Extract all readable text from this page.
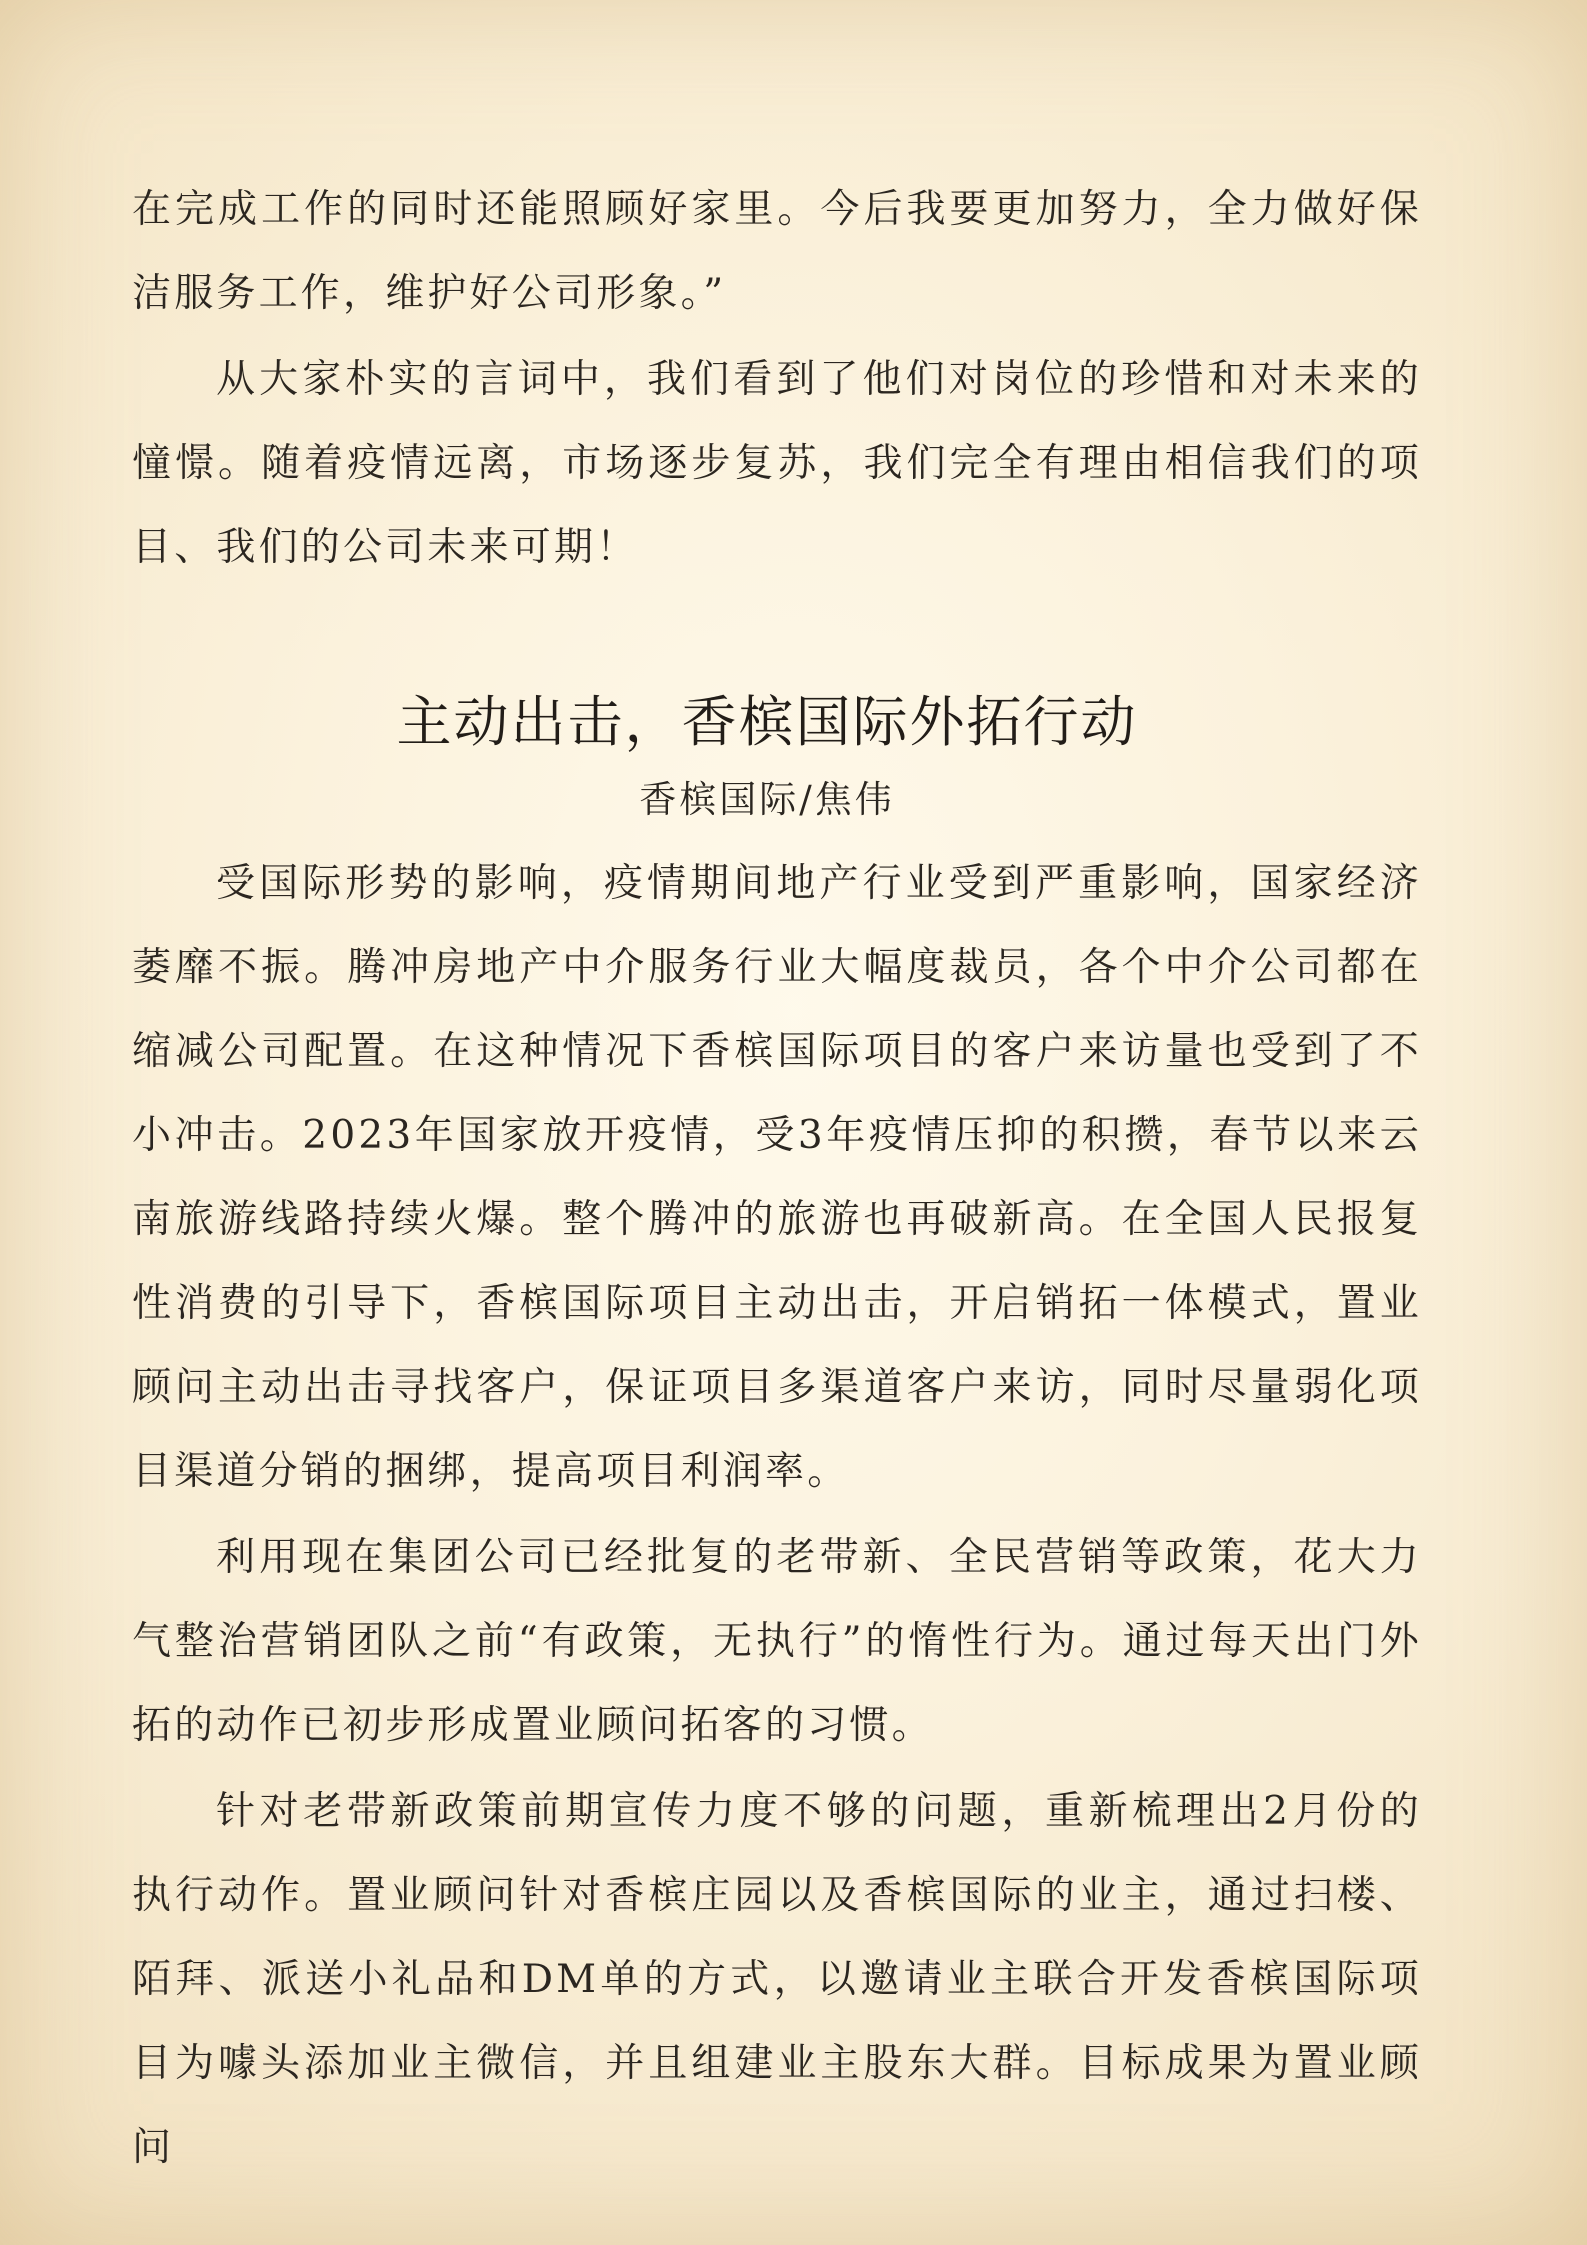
在完成工作的同时还能照顾好家里。今后我要更加努力，全力做好保洁服务工作，维护好公司形象。”

从大家朴实的言词中，我们看到了他们对岗位的珍惜和对未来的憧憬。随着疫情远离，市场逐步复苏，我们完全有理由相信我们的项目、我们的公司未来可期！

主动出击，香槟国际外拓行动
香槟国际/焦伟

受国际形势的影响，疫情期间地产行业受到严重影响，国家经济萎靡不振。腾冲房地产中介服务行业大幅度裁员，各个中介公司都在缩减公司配置。在这种情况下香槟国际项目的客户来访量也受到了不小冲击。2023年国家放开疫情，受3年疫情压抑的积攒，春节以来云南旅游线路持续火爆。整个腾冲的旅游也再破新高。在全国人民报复性消费的引导下，香槟国际项目主动出击，开启销拓一体模式，置业顾问主动出击寻找客户，保证项目多渠道客户来访，同时尽量弱化项目渠道分销的捆绑，提高项目利润率。

利用现在集团公司已经批复的老带新、全民营销等政策，花大力气整治营销团队之前“有政策，无执行”的惰性行为。通过每天出门外拓的动作已初步形成置业顾问拓客的习惯。

针对老带新政策前期宣传力度不够的问题，重新梳理出2月份的执行动作。置业顾问针对香槟庄园以及香槟国际的业主，通过扫楼、陌拜、派送小礼品和DM单的方式，以邀请业主联合开发香槟国际项目为噱头添加业主微信，并且组建业主股东大群。目标成果为置业顾问
